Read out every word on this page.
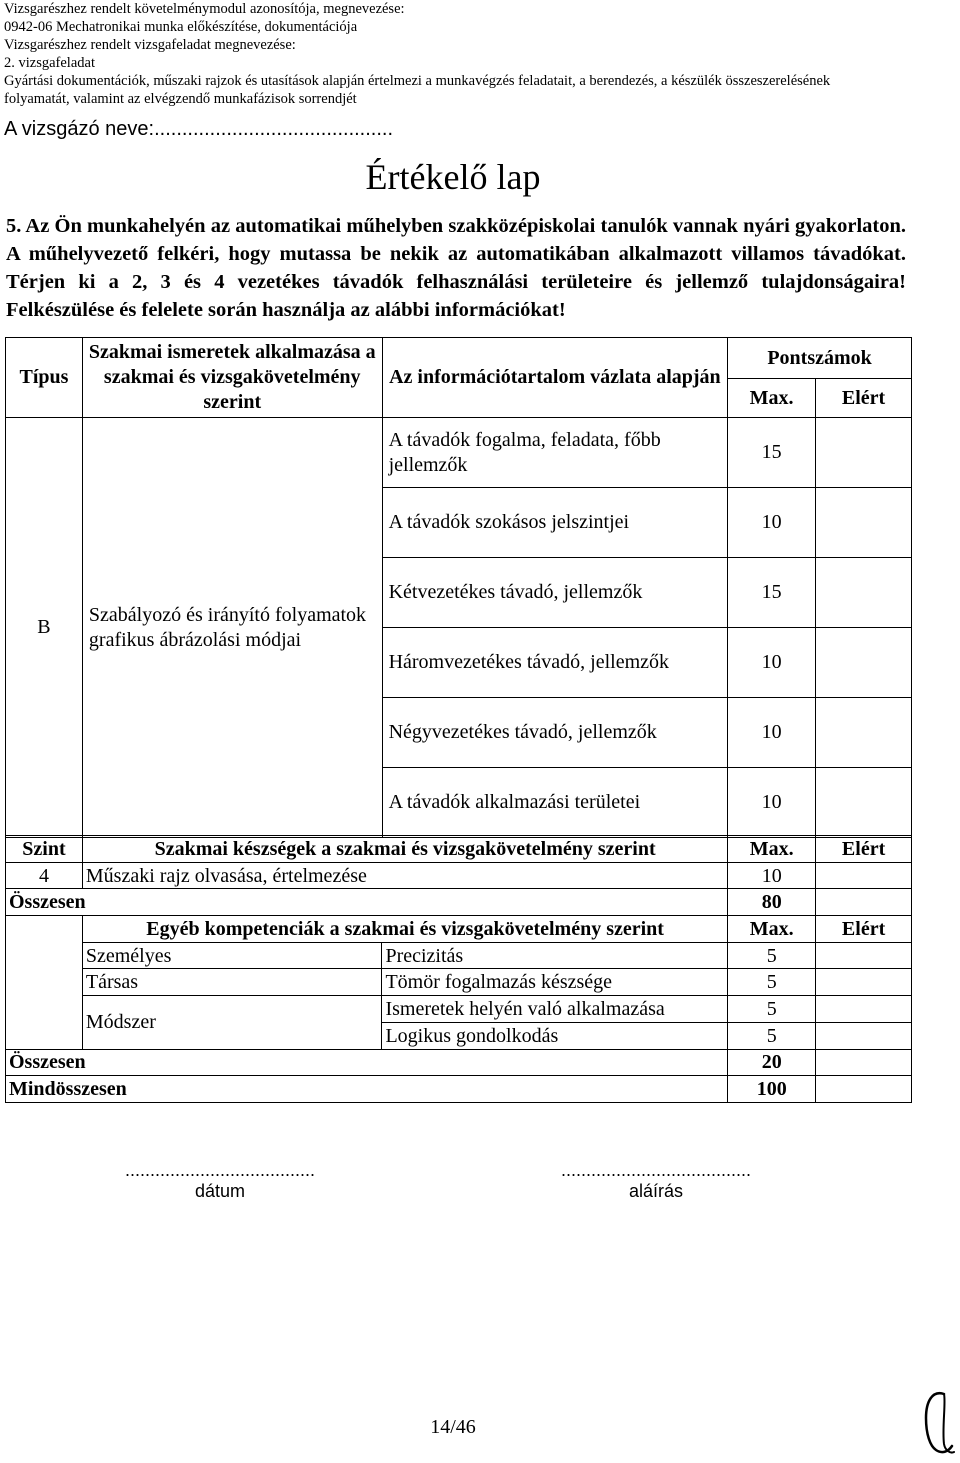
Vizsgarészhez rendelt követelménymodul azonosítója, megnevezése:
0942-06 Mechatronikai munka előkészítése, dokumentációja
Vizsgarészhez rendelt vizsgafeladat megnevezése:
2. vizsgafeladat
Gyártási dokumentációk, műszaki rajzok és utasítások alapján értelmezi a munkavégzés feladatait, a berendezés, a készülék összeszerelésének
folyamatát, valamint az elvégzendő munkafázisok sorrendjét
A vizsgázó neve:...........................................
Értékelő lap
5. Az Ön munkahelyén az automatikai műhelyben szakközépiskolai tanulók vannak nyári gyakorlaton. A műhelyvezető felkéri, hogy mutassa be nekik az automatikában alkalmazott villamos távadókat. Térjen ki a 2, 3 és 4 vezetékes távadók felhasználási területeire és jellemző tulajdonságaira! Felkészülése és felelete során használja az alábbi információkat!
Típus	Szakmai ismeretek alkalmazása a szakmai és vizsgakövetelmény szerint	Az információtartalom vázlata alapján	Pontszámok	
			Max.	Elért
B	Szabályozó és irányító folyamatok grafikus ábrázolási módjai	A távadók fogalma, feladata, főbb jellemzők	15	
		A távadók szokásos jelszintjei	10	
		Kétvezetékes távadó, jellemzők	15	
		Háromvezetékes távadó, jellemzők	10	
		Négyvezetékes távadó, jellemzők	10	
		A távadók alkalmazási területei	10	
Szint	Szakmai készségek a szakmai és vizsgakövetelmény szerint		Max.	Elért
4	Műszaki rajz olvasása, értelmezése		10	
Összesen			80	
	Egyéb kompetenciák a szakmai és vizsgakövetelmény szerint		Max.	Elért
	Személyes	Precizitás	5	
	Társas	Tömör fogalmazás készsége	5	
	Módszer	Ismeretek helyén való alkalmazása	5	
		Logikus gondolkodás	5	
Összesen			20	
Mindösszesen			100	
......................................
dátum
......................................
aláírás
14/46
